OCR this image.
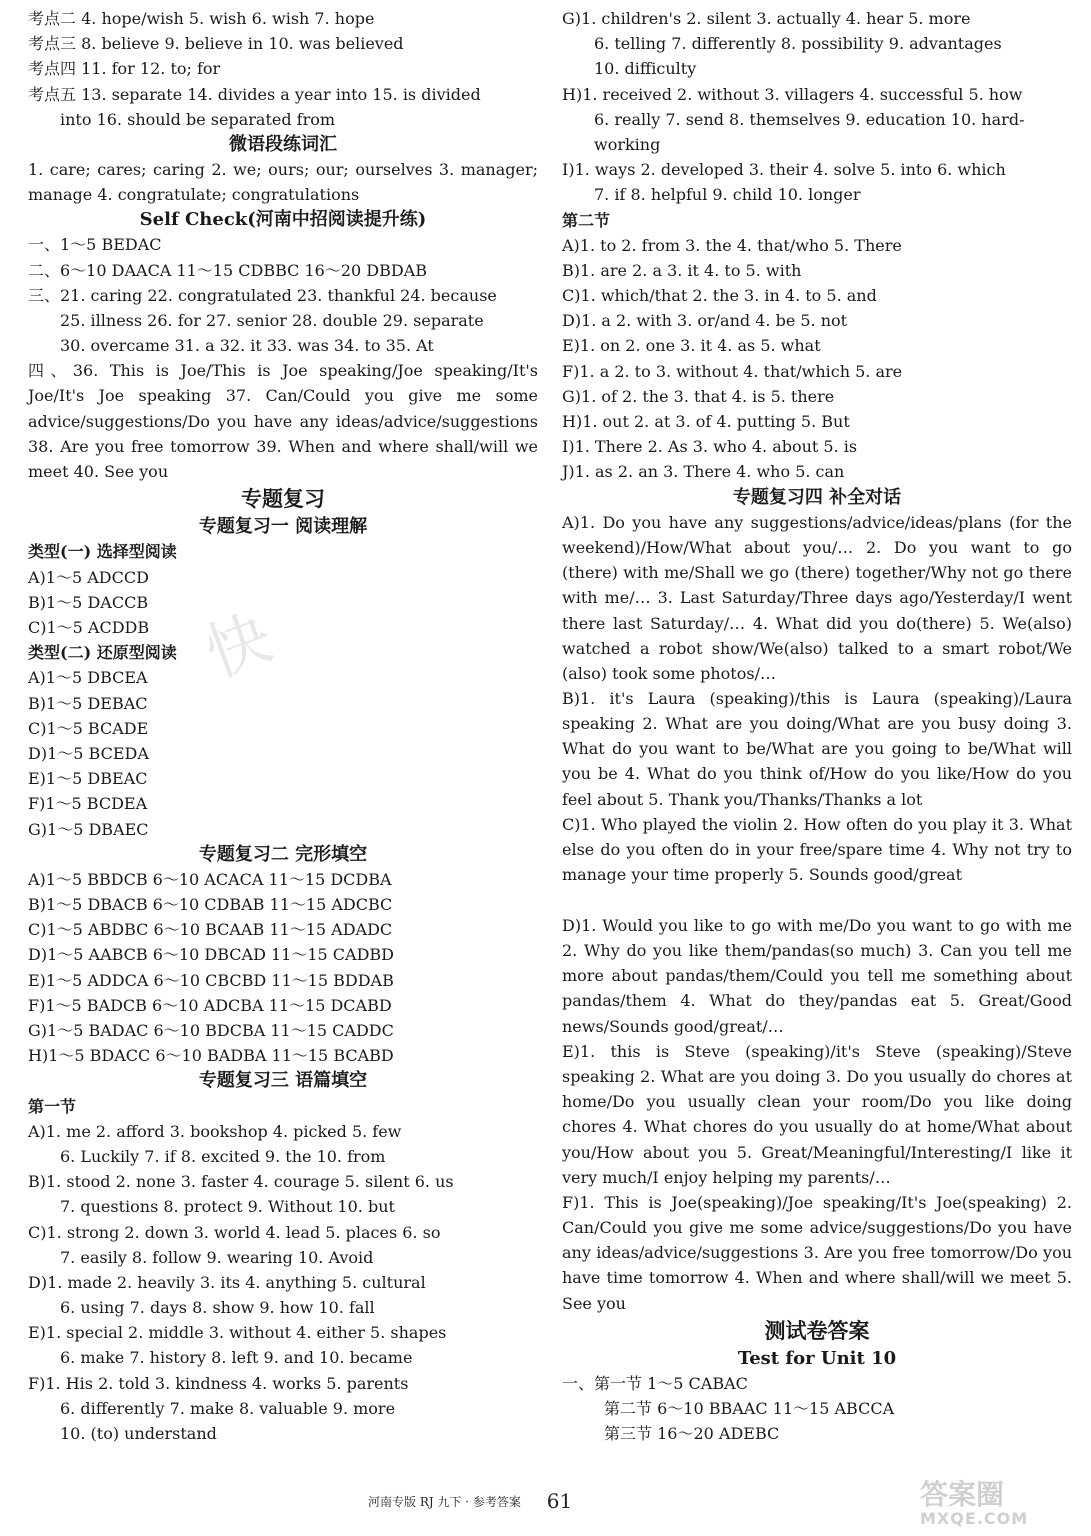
快
考点二 4. hope/wish 5. wish 6. wish 7. hope
考点三 8. believe 9. believe in 10. was believed
考点四 11. for 12. to; for
考点五 13. separate 14. divides a year into 15. is divided
into 16. should be separated from
微语段练词汇
1. care; cares; caring 2. we; ours; our; ourselves 3. manager; manage 4. congratulate; congratulations
Self Check(河南中招阅读提升练)
一、1～5 BEDAC
二、6～10 DAACA 11～15 CDBBC 16～20 DBDAB
三、21. caring 22. congratulated 23. thankful 24. because
25. illness 26. for 27. senior 28. double 29. separate
30. overcame 31. a 32. it 33. was 34. to 35. At
四、36. This is Joe/This is Joe speaking/Joe speaking/It's Joe/It's Joe speaking 37. Can/Could you give me some advice/suggestions/Do you have any ideas/advice/suggestions 38. Are you free tomorrow 39. When and where shall/will we meet 40. See you
专题复习
专题复习一 阅读理解
类型(一) 选择型阅读
A)1～5 ADCCD
B)1～5 DACCB
C)1～5 ACDDB
类型(二) 还原型阅读
A)1～5 DBCEA
B)1～5 DEBAC
C)1～5 BCADE
D)1～5 BCEDA
E)1～5 DBEAC
F)1～5 BCDEA
G)1～5 DBAEC
专题复习二 完形填空
A)1～5 BBDCB 6～10 ACACA 11～15 DCDBA
B)1～5 DBACB 6～10 CDBAB 11～15 ADCBC
C)1～5 ABDBC 6～10 BCAAB 11～15 ADADC
D)1～5 AABCB 6～10 DBCAD 11～15 CADBD
E)1～5 ADDCA 6～10 CBCBD 11～15 BDDAB
F)1～5 BADCB 6～10 ADCBA 11～15 DCABD
G)1～5 BADAC 6～10 BDCBA 11～15 CADDC
H)1～5 BDACC 6～10 BADBA 11～15 BCABD
专题复习三 语篇填空
第一节
A)1. me 2. afford 3. bookshop 4. picked 5. few
6. Luckily 7. if 8. excited 9. the 10. from
B)1. stood 2. none 3. faster 4. courage 5. silent 6. us
7. questions 8. protect 9. Without 10. but
C)1. strong 2. down 3. world 4. lead 5. places 6. so
7. easily 8. follow 9. wearing 10. Avoid
D)1. made 2. heavily 3. its 4. anything 5. cultural
6. using 7. days 8. show 9. how 10. fall
E)1. special 2. middle 3. without 4. either 5. shapes
6. make 7. history 8. left 9. and 10. became
F)1. His 2. told 3. kindness 4. works 5. parents
6. differently 7. make 8. valuable 9. more
10. (to) understand
G)1. children's 2. silent 3. actually 4. hear 5. more
6. telling 7. differently 8. possibility 9. advantages
10. difficulty
H)1. received 2. without 3. villagers 4. successful 5. how
6. really 7. send 8. themselves 9. education 10. hard-
working
I)1. ways 2. developed 3. their 4. solve 5. into 6. which
7. if 8. helpful 9. child 10. longer
第二节
A)1. to 2. from 3. the 4. that/who 5. There
B)1. are 2. a 3. it 4. to 5. with
C)1. which/that 2. the 3. in 4. to 5. and
D)1. a 2. with 3. or/and 4. be 5. not
E)1. on 2. one 3. it 4. as 5. what
F)1. a 2. to 3. without 4. that/which 5. are
G)1. of 2. the 3. that 4. is 5. there
H)1. out 2. at 3. of 4. putting 5. But
I)1. There 2. As 3. who 4. about 5. is
J)1. as 2. an 3. There 4. who 5. can
专题复习四 补全对话
A)1. Do you have any suggestions/advice/ideas/plans (for the weekend)/How/What about you/… 2. Do you want to go (there) with me/Shall we go (there) together/Why not go there with me/… 3. Last Saturday/Three days ago/Yesterday/I went there last Saturday/… 4. What did you do(there) 5. We(also) watched a robot show/We(also) talked to a smart robot/We (also) took some photos/…
B)1. it's Laura (speaking)/this is Laura (speaking)/Laura speaking 2. What are you doing/What are you busy doing 3. What do you want to be/What are you going to be/What will you be 4. What do you think of/How do you like/How do you feel about 5. Thank you/Thanks/Thanks a lot
C)1. Who played the violin 2. How often do you play it 3. What else do you often do in your free/spare time 4. Why not try to manage your time properly 5. Sounds good/great
D)1. Would you like to go with me/Do you want to go with me 2. Why do you like them/pandas(so much) 3. Can you tell me more about pandas/them/Could you tell me something about pandas/them 4. What do they/pandas eat 5. Great/Good news/Sounds good/great/…
E)1. this is Steve (speaking)/it's Steve (speaking)/Steve speaking 2. What are you doing 3. Do you usually do chores at home/Do you usually clean your room/Do you like doing chores 4. What chores do you usually do at home/What about you/How about you 5. Great/Meaningful/Interesting/I like it very much/I enjoy helping my parents/…
F)1. This is Joe(speaking)/Joe speaking/It's Joe(speaking) 2. Can/Could you give me some advice/suggestions/Do you have any ideas/advice/suggestions 3. Are you free tomorrow/Do you have time tomorrow 4. When and where shall/will we meet 5. See you
测试卷答案
Test for Unit 10
一、第一节 1～5 CABAC
第二节 6～10 BBAAC 11～15 ABCCA
第三节 16～20 ADEBC
河南专版 RJ 九下 · 参考答案 61	答案圈
MXQE.COM
